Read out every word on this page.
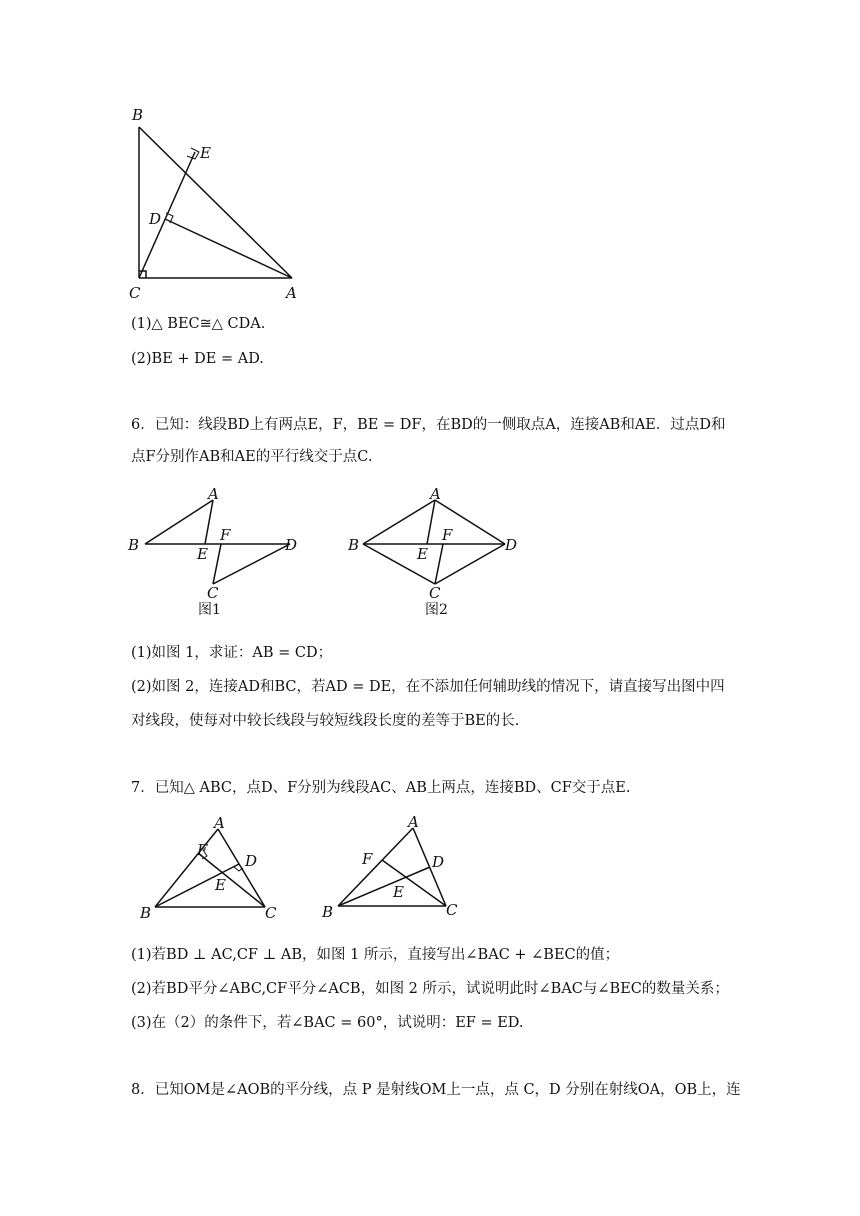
B
E
D
C	A
(1)△ BEC≅△ CDA.
(2)BE + DE = AD.
6．已知：线段BD上有两点E，F，BE = DF，在BD的一侧取点A，连接AB和AE．过点D和
点F分别作AB和AE的平行线交于点C.
A
B	E
F
D
C
图1
A
B	E
F
D
C
图2
(1)如图 1，求证：AB = CD；
(2)如图 2，连接AD和BC，若AD = DE，在不添加任何辅助线的情况下，请直接写出图中四
对线段，使每对中较长线段与较短线段长度的差等于BE的长.
7．已知△ ABC，点D、F分别为线段AC、AB上两点，连接BD、CF交于点E.
A
F
D
E
B	C
A
F	D
E
B	C
(1)若BD ⊥ AC,CF ⊥ AB，如图 1 所示，直接写出∠BAC + ∠BEC的值；
(2)若BD平分∠ABC,CF平分∠ACB，如图 2 所示，试说明此时∠BAC与∠BEC的数量关系；
(3)在（2）的条件下，若∠BAC = 60°，试说明：EF = ED.
8．已知OM是∠AOB的平分线，点 P 是射线OM上一点，点 C，D 分别在射线OA，OB上，连
